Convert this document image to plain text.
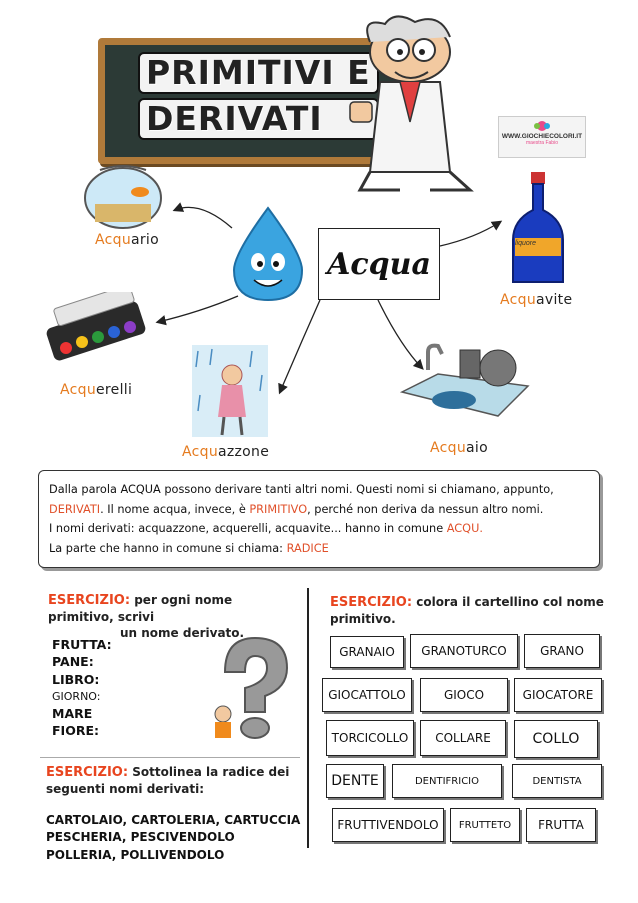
PRIMITIVI E
DERIVATI	WWW.GIOCHIECOLORI.IT
maestra Fabio
Acquario
Acqua
liquore
Acquavite
Acquerelli
Acquazzone	Acquaio
Dalla parola ACQUA possono derivare tanti altri nomi. Questi nomi si chiamano, appunto,
DERIVATI. Il nome acqua, invece, è PRIMITIVO, perché non deriva da nessun altro nomi.
I nomi derivati: acquazzone, acquerelli, acquavite... hanno in comune ACQU.
La parte che hanno in comune si chiama: RADICE
ESERCIZIO: per ogni nome primitivo, scrivi
un nome derivato.
FRUTTA:
PANE:
LIBRO:
GIORNO:
MARE
FIORE:
ESERCIZIO: Sottolinea la radice dei
seguenti nomi derivati:
CARTOLAIO, CARTOLERIA, CARTUCCIA
PESCHERIA, PESCIVENDOLO
POLLERIA, POLLIVENDOLO
ESERCIZIO: colora il cartellino col nome
primitivo.
GRANAIO	GRANOTURCO	GRANO
GIOCATTOLO	GIOCO	GIOCATORE
TORCICOLLO	COLLARE	COLLO
DENTE	DENTIFRICIO	DENTISTA
FRUTTIVENDOLO	FRUTTETO	FRUTTA
